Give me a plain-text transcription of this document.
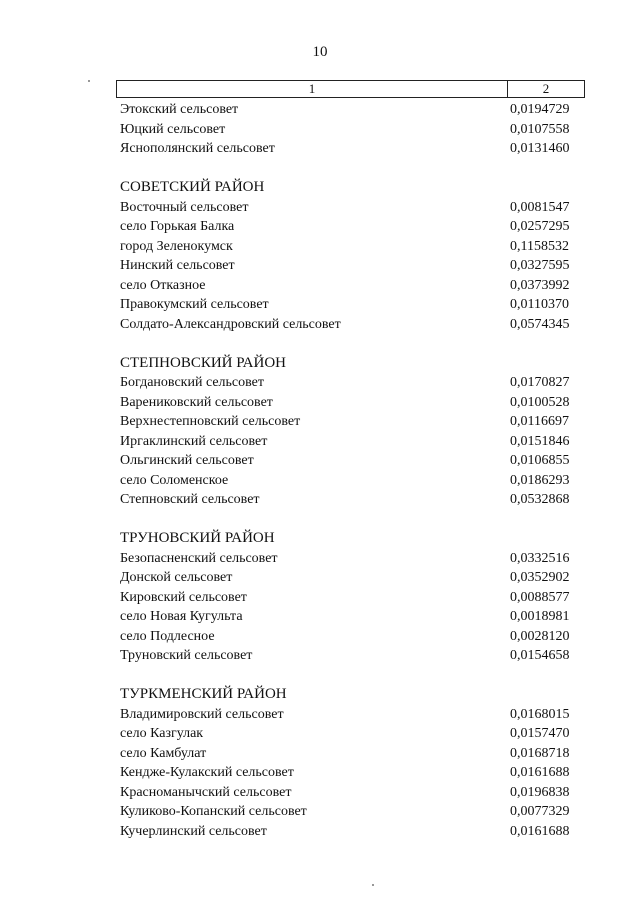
10
1	2
Этокский сельсовет	0,0194729
Юцкий сельсовет	0,0107558
Яснополянский сельсовет	0,0131460
СОВЕТСКИЙ РАЙОН
Восточный сельсовет	0,0081547
село Горькая Балка	0,0257295
город Зеленокумск	0,1158532
Нинский сельсовет	0,0327595
село Отказное	0,0373992
Правокумский сельсовет	0,0110370
Солдато-Александровский сельсовет	0,0574345
СТЕПНОВСКИЙ РАЙОН
Богдановский сельсовет	0,0170827
Варениковский сельсовет	0,0100528
Верхнестепновский сельсовет	0,0116697
Иргаклинский сельсовет	0,0151846
Ольгинский сельсовет	0,0106855
село Соломенское	0,0186293
Степновский сельсовет	0,0532868
ТРУНОВСКИЙ РАЙОН
Безопасненский сельсовет	0,0332516
Донской сельсовет	0,0352902
Кировский сельсовет	0,0088577
село Новая Кугульта	0,0018981
село Подлесное	0,0028120
Труновский сельсовет	0,0154658
ТУРКМЕНСКИЙ РАЙОН
Владимировский сельсовет	0,0168015
село Казгулак	0,0157470
село Камбулат	0,0168718
Кендже-Кулакский сельсовет	0,0161688
Красноманычский сельсовет	0,0196838
Куликово-Копанский сельсовет	0,0077329
Кучерлинский сельсовет	0,0161688
